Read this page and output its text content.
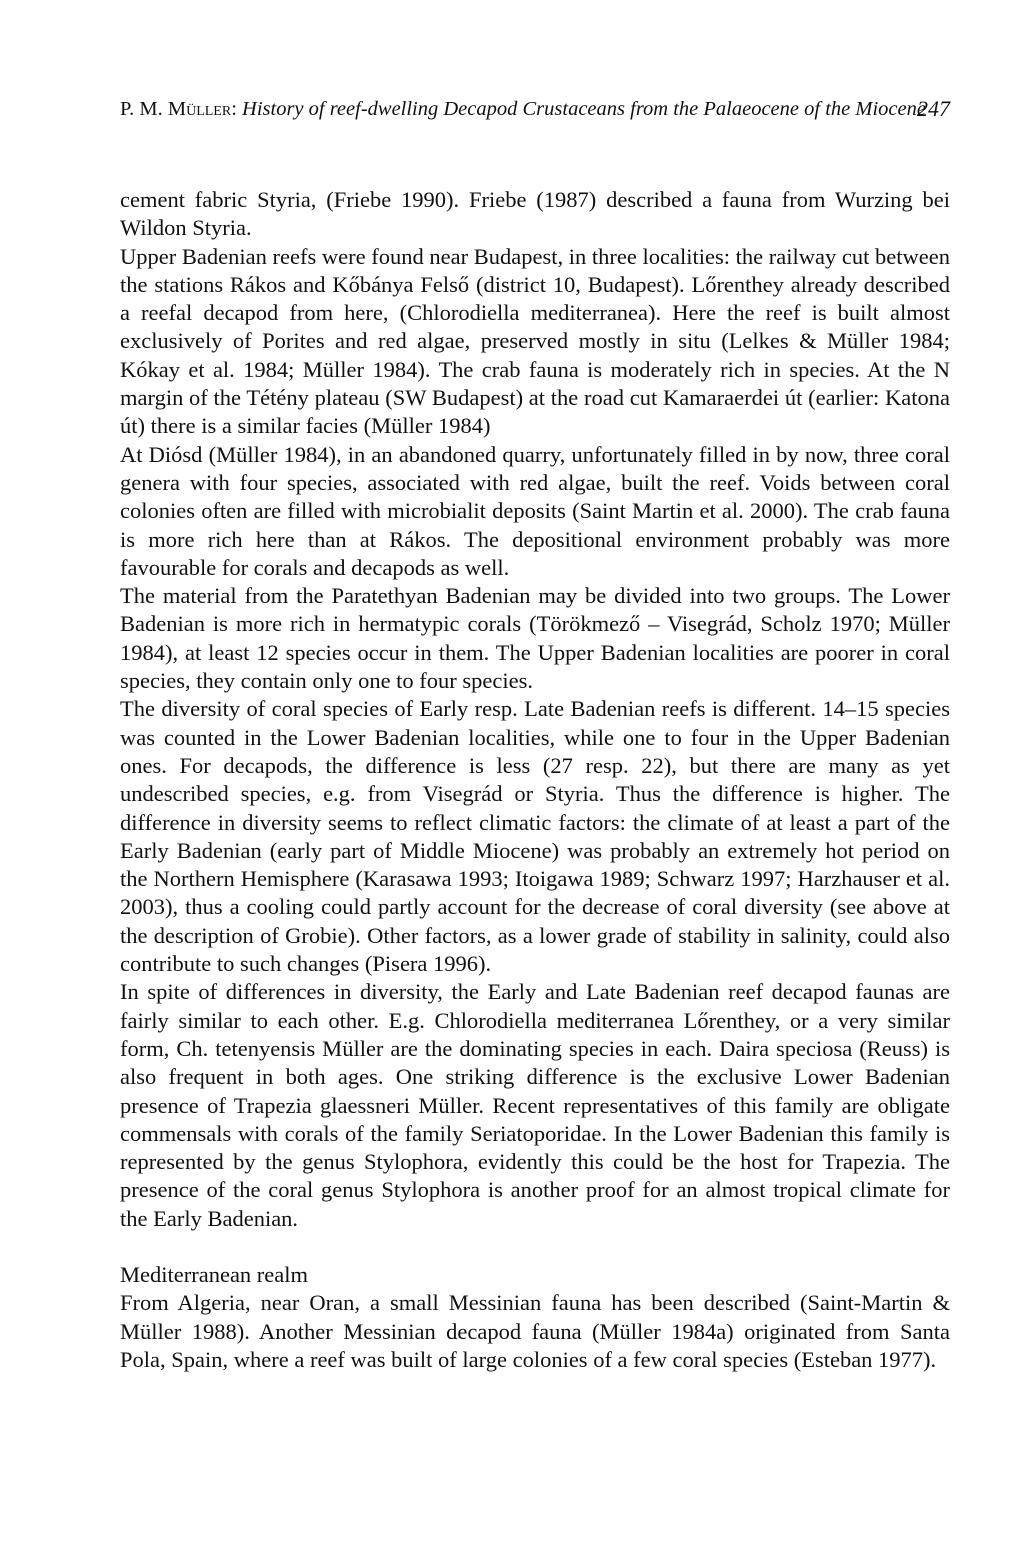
P. M. Müller: History of reef-dwelling Decapod Crustaceans from the Palaeocene of the Miocene
247

cement fabric Styria, (Friebe 1990). Friebe (1987) described a fauna from Wurzing bei Wildon Styria.

Upper Badenian reefs were found near Budapest, in three localities: the railway cut between the stations Rákos and Kőbánya Felső (district 10, Budapest). Lőrenthey already described a reefal decapod from here, (Chlorodiella mediterranea). Here the reef is built almost exclusively of Porites and red algae, preserved mostly in situ (Lelkes & Müller 1984; Kókay et al. 1984; Müller 1984). The crab fauna is moderately rich in species. At the N margin of the Tétény plateau (SW Budapest) at the road cut Kamaraerdei út (earlier: Katona út) there is a similar facies (Müller 1984)

At Diósd (Müller 1984), in an abandoned quarry, unfortunately filled in by now, three coral genera with four species, associated with red algae, built the reef. Voids between coral colonies often are filled with microbialit deposits (Saint Martin et al. 2000). The crab fauna is more rich here than at Rákos. The depositional environment probably was more favourable for corals and decapods as well.

The material from the Paratethyan Badenian may be divided into two groups. The Lower Badenian is more rich in hermatypic corals (Törökmező – Visegrád, Scholz 1970; Müller 1984), at least 12 species occur in them. The Upper Badenian localities are poorer in coral species, they contain only one to four species.

The diversity of coral species of Early resp. Late Badenian reefs is different. 14–15 species was counted in the Lower Badenian localities, while one to four in the Upper Badenian ones. For decapods, the difference is less (27 resp. 22), but there are many as yet undescribed species, e.g. from Visegrád or Styria. Thus the difference is higher. The difference in diversity seems to reflect climatic factors: the climate of at least a part of the Early Badenian (early part of Middle Miocene) was probably an extremely hot period on the Northern Hemisphere (Karasawa 1993; Itoigawa 1989; Schwarz 1997; Harzhauser et al. 2003), thus a cooling could partly account for the decrease of coral diversity (see above at the description of Grobie). Other factors, as a lower grade of stability in salinity, could also contribute to such changes (Pisera 1996).

In spite of differences in diversity, the Early and Late Badenian reef decapod faunas are fairly similar to each other. E.g. Chlorodiella mediterranea Lőrenthey, or a very similar form, Ch. tetenyensis Müller are the dominating species in each. Daira speciosa (Reuss) is also frequent in both ages. One striking difference is the exclusive Lower Badenian presence of Trapezia glaessneri Müller. Recent representatives of this family are obligate commensals with corals of the family Seriatoporidae. In the Lower Badenian this family is represented by the genus Stylophora, evidently this could be the host for Trapezia. The presence of the coral genus Stylophora is another proof for an almost tropical climate for the Early Badenian.

Mediterranean realm

From Algeria, near Oran, a small Messinian fauna has been described (Saint-Martin & Müller 1988). Another Messinian decapod fauna (Müller 1984a) originated from Santa Pola, Spain, where a reef was built of large colonies of a few coral species (Esteban 1977).
